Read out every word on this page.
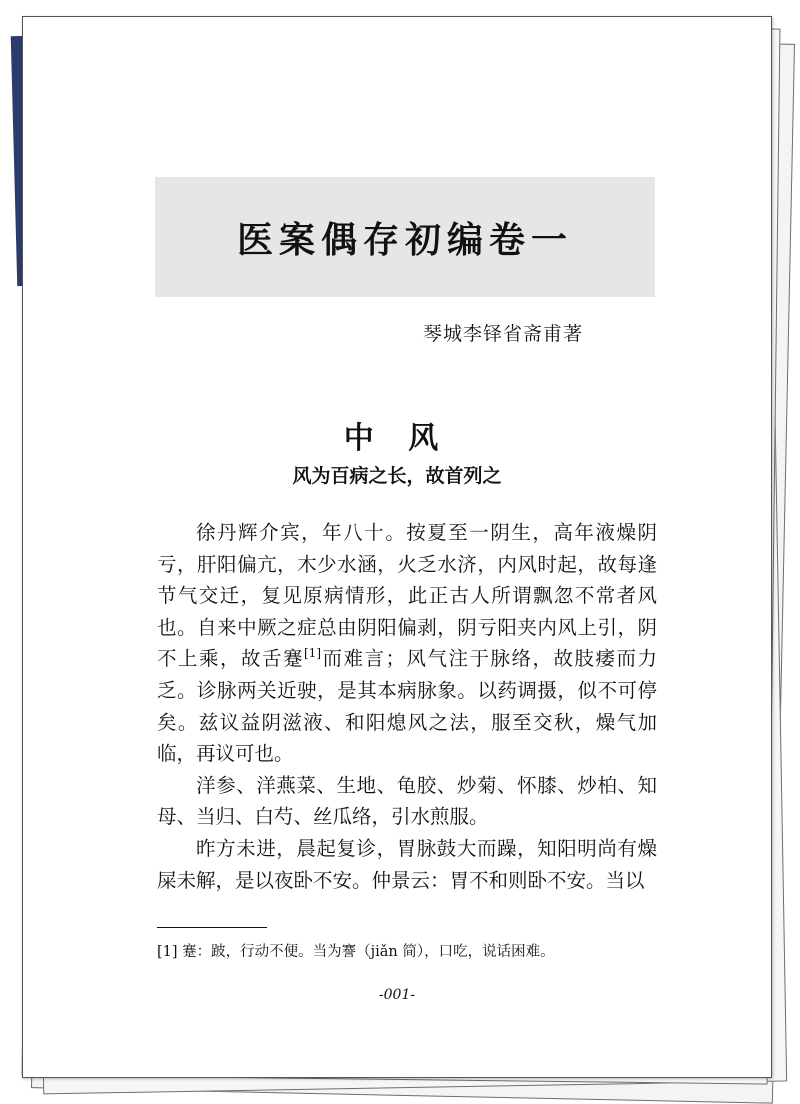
医案偶存初编卷一
琴城李铎省斋甫著
中 风
风为百病之长，故首列之

徐丹辉介宾，年八十。按夏至一阴生，高年液燥阴亏，肝阳偏亢，木少水涵，火乏水济，内风时起，故每逢节气交迁，复见原病情形，此正古人所谓飘忽不常者风也。自来中厥之症总由阴阳偏剥，阴亏阳夹内风上引，阴不上乘，故舌蹇[1]而难言；风气注于脉络，故肢痿而力乏。诊脉两关近驶，是其本病脉象。以药调摄，似不可停矣。兹议益阴滋液、和阳熄风之法，服至交秋，燥气加临，再议可也。

洋参、洋燕菜、生地、龟胶、炒菊、怀膝、炒柏、知母、当归、白芍、丝瓜络，引水煎服。

昨方未进，晨起复诊，胃脉鼓大而躁，知阳明尚有燥屎未解，是以夜卧不安。仲景云：胃不和则卧不安。当以

[1] 蹇：跛，行动不便。当为謇（jiǎn 简），口吃，说话困难。
-001-
